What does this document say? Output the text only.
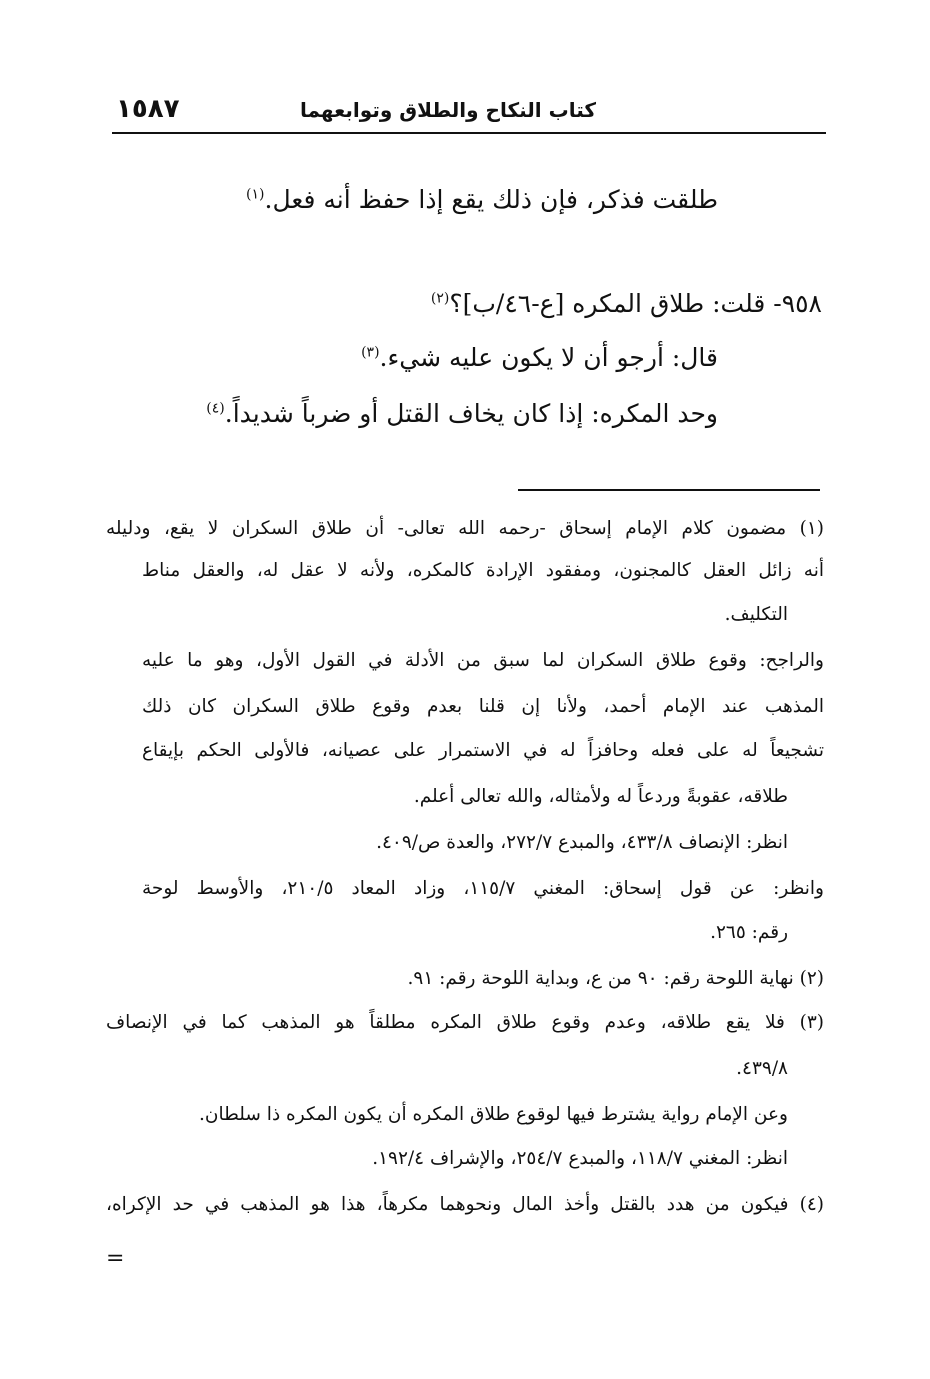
١٥٨٧	كتاب النكاح والطلاق وتوابعهما
طلقت فذكر، فإن ذلك يقع إذا حفظ أنه فعل.$^{(١)}$
٩٥٨- قلت: طلاق المكره [ع-٤٦/ب]؟$^{(٢)}$
قال: أرجو أن لا يكون عليه شيء.$^{(٣)}$
وحد المكره: إذا كان يخاف القتل أو ضرباً شديداً.$^{(٤)}$
(١) مضمون كلام الإمام إسحاق -رحمه الله تعالى- أن طلاق السكران لا يقع، ودليله
أنه زائل العقل كالمجنون، ومفقود الإرادة كالمكره، ولأنه لا عقل له، والعقل مناط
التكليف.
والراجح: وقوع طلاق السكران لما سبق من الأدلة في القول الأول، وهو ما عليه
المذهب عند الإمام أحمد، ولأنا إن قلنا بعدم وقوع طلاق السكران كان ذلك
تشجيعاً له على فعله وحافزاً له في الاستمرار على عصيانه، فالأولى الحكم بإيقاع
طلاقه، عقوبةً وردعاً له ولأمثاله، والله تعالى أعلم.
انظر: الإنصاف ٤٣٣/٨، والمبدع ٢٧٢/٧، والعدة ص/٤٠٩.
وانظر: عن قول إسحاق: المغني ١١٥/٧، وزاد المعاد ٢١٠/٥، والأوسط لوحة
رقم: ٢٦٥.
(٢) نهاية اللوحة رقم: ٩٠ من ع، وبداية اللوحة رقم: ٩١.
(٣) فلا يقع طلاقه، وعدم وقوع طلاق المكره مطلقاً هو المذهب كما في الإنصاف
٤٣٩/٨.
وعن الإمام رواية يشترط فيها لوقوع طلاق المكره أن يكون المكره ذا سلطان.
انظر: المغني ١١٨/٧، والمبدع ٢٥٤/٧، والإشراف ١٩٢/٤.
(٤) فيكون من هدد بالقتل وأخذ المال ونحوهما مكرهاً، هذا هو المذهب في حد الإكراه،
=
